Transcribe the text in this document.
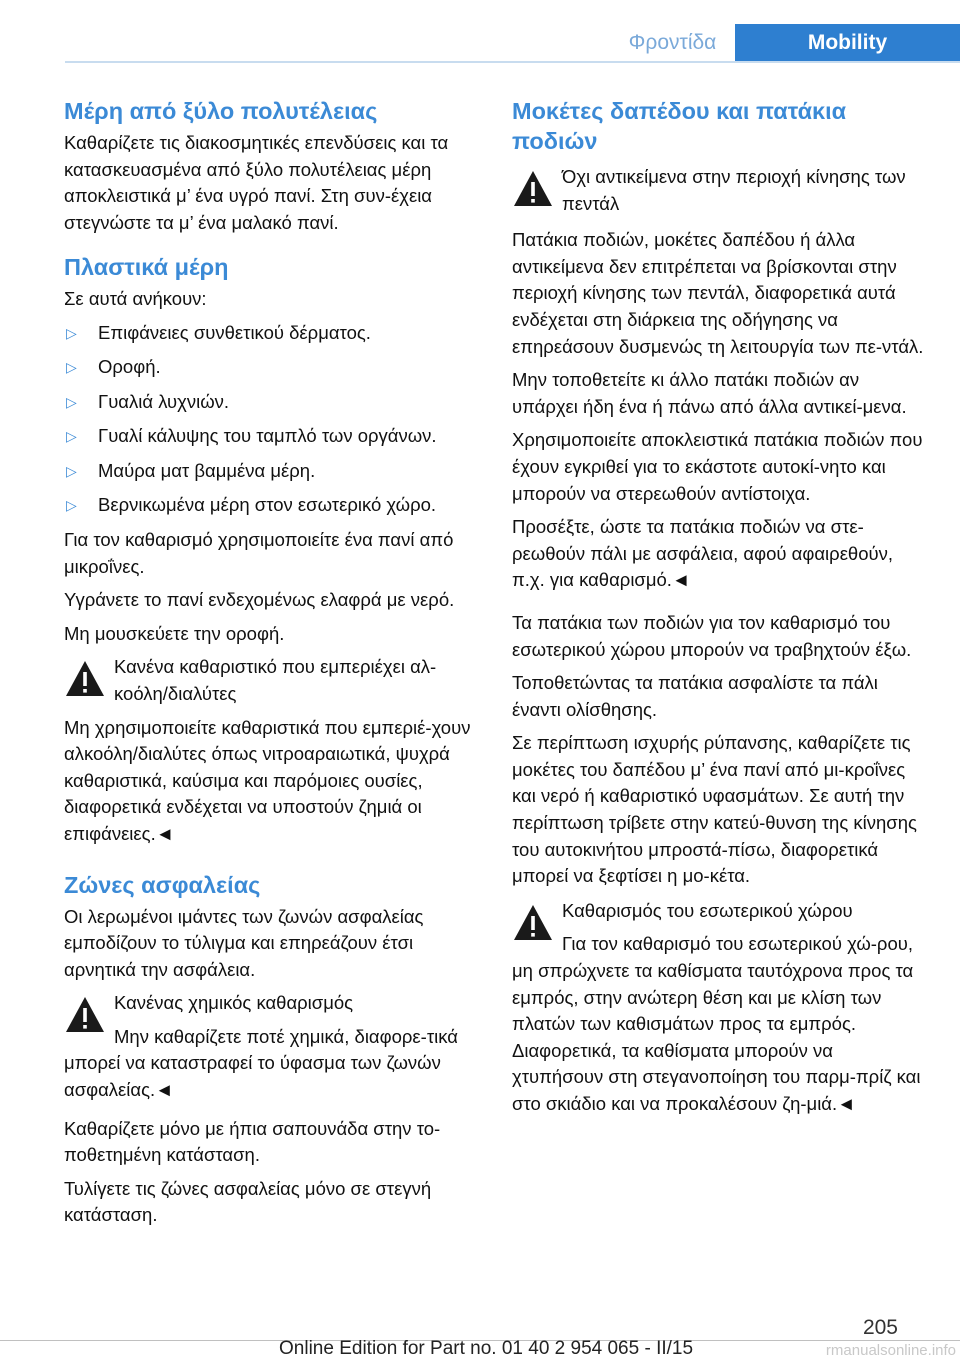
Φροντίδα	Mobility
Μέρη από ξύλο πολυτέλειας

Καθαρίζετε τις διακοσμητικές επενδύσεις και τα κατασκευασμένα από ξύλο πολυτέλειας μέρη αποκλειστικά μ’ ένα υγρό πανί. Στη συν‐έχεια στεγνώστε τα μ’ ένα μαλακό πανί.

Πλαστικά μέρη

Σε αυτά ανήκουν:

▷	Επιφάνειες συνθετικού δέρματος.
▷	Οροφή.
▷	Γυαλιά λυχνιών.
▷	Γυαλί κάλυψης του ταμπλό των οργάνων.
▷	Μαύρα ματ βαμμένα μέρη.
▷	Βερνικωμένα μέρη στον εσωτερικό χώρο.

Για τον καθαρισμό χρησιμοποιείτε ένα πανί από μικροΐνες.

Υγράνετε το πανί ενδεχομένως ελαφρά με νερό.

Μη μουσκεύετε την οροφή.

Κανένα καθαριστικό που εμπεριέχει αλ‐κοόλη/διαλύτες

Μη χρησιμοποιείτε καθαριστικά που εμπεριέ‐χουν αλκοόλη/διαλύτες όπως νιτροαραιωτικά, ψυχρά καθαριστικά, καύσιμα και παρόμοιες ουσίες, διαφορετικά ενδέχεται να υποστούν ζημιά οι επιφάνειες.◄

Ζώνες ασφαλείας

Οι λερωμένοι ιμάντες των ζωνών ασφαλείας εμποδίζουν το τύλιγμα και επηρεάζουν έτσι αρνητικά την ασφάλεια.

Κανένας χημικός καθαρισμός

Μην καθαρίζετε ποτέ χημικά, διαφορε‐τικά μπορεί να καταστραφεί το ύφασμα των ζωνών ασφαλείας.◄

Καθαρίζετε μόνο με ήπια σαπουνάδα στην το‐ποθετημένη κατάσταση.

Τυλίγετε τις ζώνες ασφαλείας μόνο σε στεγνή κατάσταση.

Μοκέτες δαπέδου και πατάκια ποδιών

Όχι αντικείμενα στην περιοχή κίνησης των πεντάλ

Πατάκια ποδιών, μοκέτες δαπέδου ή άλλα αντικείμενα δεν επιτρέπεται να βρίσκονται στην περιοχή κίνησης των πεντάλ, διαφορετικά αυτά ενδέχεται στη διάρκεια της οδήγησης να επηρεάσουν δυσμενώς τη λειτουργία των πε‐ντάλ.

Μην τοποθετείτε κι άλλο πατάκι ποδιών αν υπάρχει ήδη ένα ή πάνω από άλλα αντικεί‐μενα.

Χρησιμοποιείτε αποκλειστικά πατάκια ποδιών που έχουν εγκριθεί για το εκάστοτε αυτοκί‐νητο και μπορούν να στερεωθούν αντίστοιχα.

Προσέξτε, ώστε τα πατάκια ποδιών να στε‐ρεωθούν πάλι με ασφάλεια, αφού αφαιρεθούν, π.χ. για καθαρισμό.◄

Τα πατάκια των ποδιών για τον καθαρισμό του εσωτερικού χώρου μπορούν να τραβηχτούν έξω.

Τοποθετώντας τα πατάκια ασφαλίστε τα πάλι έναντι ολίσθησης.

Σε περίπτωση ισχυρής ρύπανσης, καθαρίζετε τις μοκέτες του δαπέδου μ’ ένα πανί από μι‐κροΐνες και νερό ή καθαριστικό υφασμάτων. Σε αυτή την περίπτωση τρίβετε στην κατεύ‐θυνση της κίνησης του αυτοκινήτου μπροστά-πίσω, διαφορετικά μπορεί να ξεφτίσει η μο‐κέτα.

Καθαρισμός του εσωτερικού χώρου

Για τον καθαρισμό του εσωτερικού χώ‐ρου, μη σπρώχνετε τα καθίσματα ταυτόχρονα προς τα εμπρός, στην ανώτερη θέση και με κλίση των πλατών των καθισμάτων προς τα εμπρός. Διαφορετικά, τα καθίσματα μπορούν να χτυπήσουν στη στεγανοποίηση του παρμ‐πρίζ και στο σκιάδιο και να προκαλέσουν ζη‐μιά.◄

205
Online Edition for Part no. 01 40 2 954 065 - II/15	rmanualsonline.info
